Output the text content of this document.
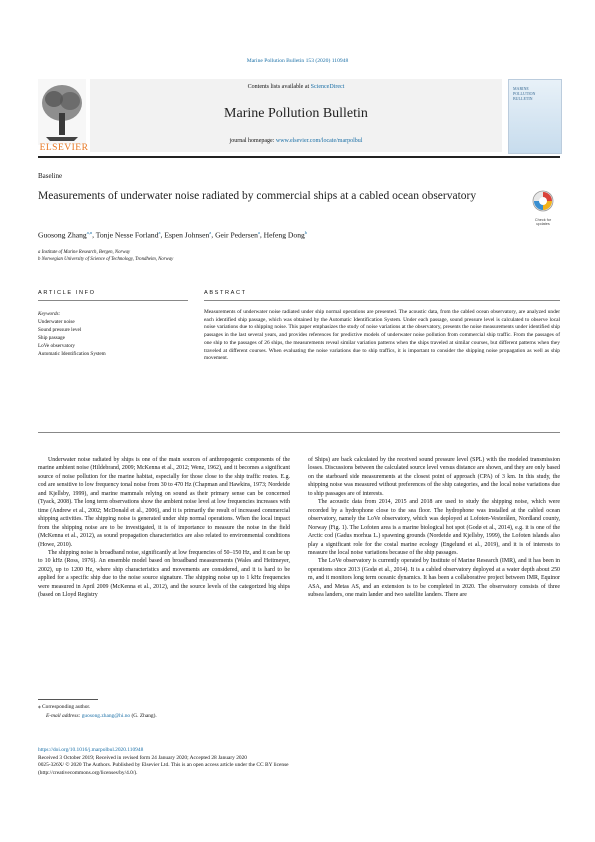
Marine Pollution Bulletin 153 (2020) 110948
ELSEVIER
Contents lists available at ScienceDirect
Marine Pollution Bulletin
journal homepage: www.elsevier.com/locate/marpolbul
MARINE
POLLUTION
BULLETIN
Baseline
Measurements of underwater noise radiated by commercial ships at a cabled ocean observatory
Check for updates
Guosong Zhang$^{a,⁎}$, Tonje Nesse Forland$^a$, Espen Johnsen$^a$, Geir Pedersen$^a$, Hefeng Dong$^b$
a Institute of Marine Research, Bergen, Norway
b Norwegian University of Science of Technology, Trondheim, Norway
ARTICLE INFO	ABSTRACT
Keywords:
Underwater noise
Sound pressure level
Ship passage
LoVe observatory
Automatic Identification System
Measurements of underwater noise radiated under ship normal operations are presented. The acoustic data, from the cabled ocean observatory, are analyzed under each identified ship passage, which was obtained by the Automatic Identification System. Under each passage, sound pressure level is calculated to observe local noise variations due to shipping noise. This paper emphasizes the study of noise variations at the observatory, presents the noise measurements under identified ship passages in the last several years, and provides references for predictive models of underwater noise pollution from commercial ship traffic. From the passages of one ship to the passages of 26 ships, the measurements reveal similar variation patterns when the ships traveled at similar courses, but different patterns when they traveled at different courses. When evaluating the noise variations due to ship traffics, it is important to consider the shipping noise propagation as well as ship movement.

Underwater noise radiated by ships is one of the main sources of anthropogenic components of the marine ambient noise (Hildebrand, 2009; McKenna et al., 2012; Wenz, 1962), and it becomes a significant source of noise pollution for the marine habitat, especially for those close to the ship traffic routes. E.g. cod are sensitive to low frequency tonal noise from 30 to 470 Hz (Chapman and Hawkins, 1973; Nordeide and Kjellsby, 1999), and marine mammals relying on sound as their primary sense can be concerned (Tyack, 2008). The long term observations show the ambient noise level at low frequencies increases with time (Andrew et al., 2002; McDonald et al., 2006), and it is primarily the result of increased commercial shipping activities. The shipping noise is generated under ship normal operations. When the local impact from the shipping noise are to be investigated, it is of importance to measure the noise in the field (McKenna et al., 2012), as sound propagation characteristics are also related to environmental conditions (Howe, 2010).

The shipping noise is broadband noise, significantly at low frequencies of 50–150 Hz, and it can be up to 10 kHz (Ross, 1976). An ensemble model based on broadband measurements (Wales and Heitmeyer, 2002), up to 1200 Hz, where ship characteristics and movements are considered, and it is hard to be applied for a specific ship due to the noise source signature. The shipping noise up to 1 kHz frequencies were measured in April 2009 (McKenna et al., 2012), and the source levels of the categorized big ships (based on Lloyd Registry

of Ships) are back calculated by the received sound pressure level (SPL) with the modeled transmission losses. Discussions between the calculated source level versus distance are shown, and they are only based on the starboard side measurements at the closest point of approach (CPA) of 3 km. In this study, the shipping noise was measured without preferences of the ship categories, and the local noise variations due to ship passages are of interests.

The acoustic data from 2014, 2015 and 2018 are used to study the shipping noise, which were recorded by a hydrophone close to the sea floor. The hydrophone was installed at the cabled ocean observatory, namely the LoVe observatory, which was deployed at Lofoten-Vesterålen, Nordland county, Norway (Fig. 1). The Lofoten area is a marine biological hot spot (Godø et al., 2014), e.g. it is one of the Arctic cod (Gadus morhua L.) spawning grounds (Nordeide and Kjellsby, 1999), the Lofoten islands also play a significant role for the costal marine ecology (Engelund et al., 2019), and it is of interests to measure the local noise variations because of the ship passages.

The LoVe observatory is currently operated by Institute of Marine Research (IMR), and it has been in operations since 2013 (Godø et al., 2014). It is a cabled observatory deployed at a water depth about 250 m, and it monitors long term oceanic dynamics. It has been a collaborative project between IMR, Equinor ASA, and Metas AS, and an extension is to be completed in 2020. The observatory consists of three subsea landers, one main lander and two satellite landers. There are

⁎ Corresponding author.
E-mail address: guosong.zhang@hi.no (G. Zhang).
https://doi.org/10.1016/j.marpolbul.2020.110948
Received 3 October 2019; Received in revised form 24 January 2020; Accepted 28 January 2020
0025-326X/ © 2020 The Authors. Published by Elsevier Ltd. This is an open access article under the CC BY license
(http://creativecommons.org/licenses/by/4.0/).
